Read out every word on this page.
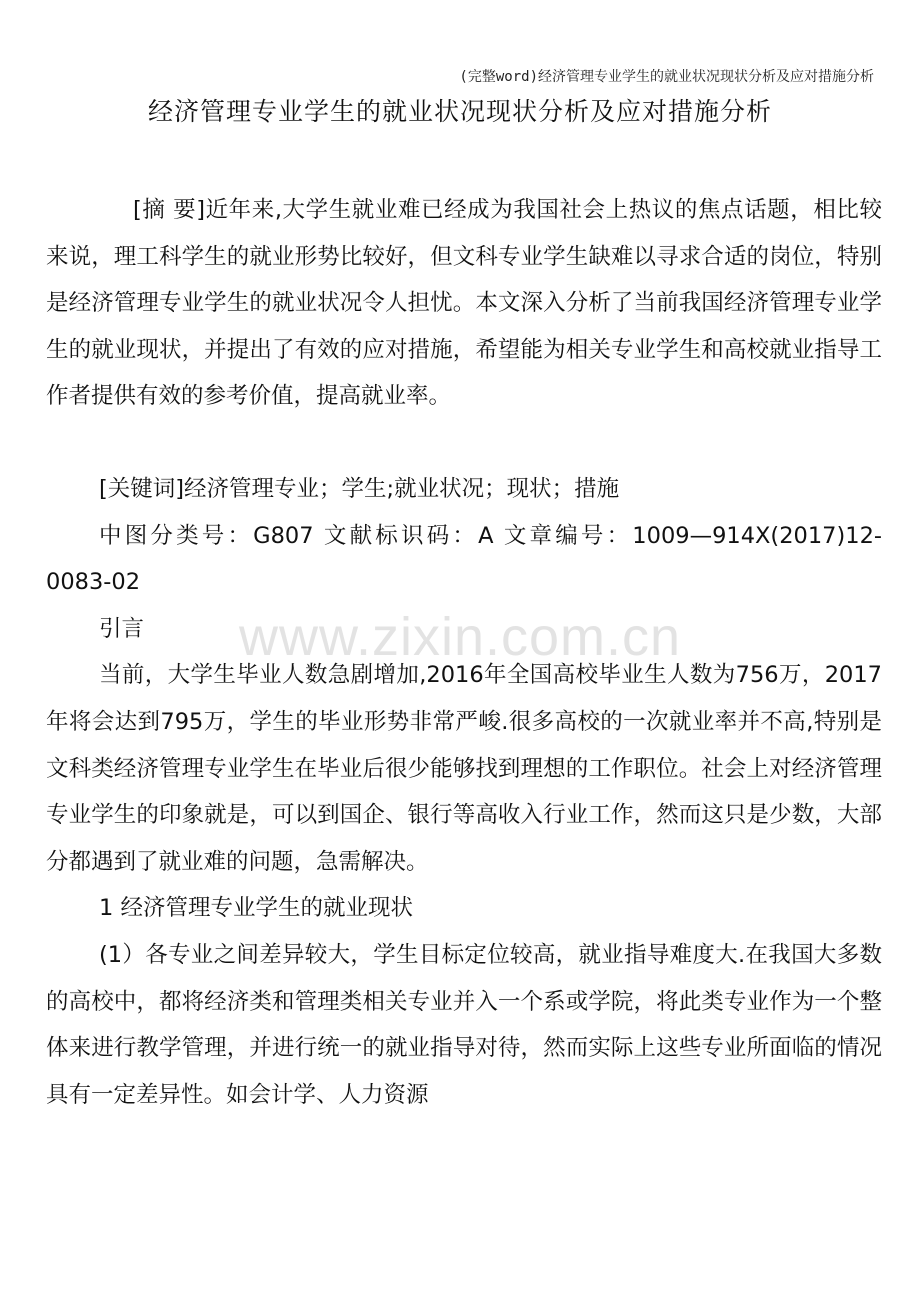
(完整word)经济管理专业学生的就业状况现状分析及应对措施分析
经济管理专业学生的就业状况现状分析及应对措施分析

[摘 要]近年来,大学生就业难已经成为我国社会上热议的焦点话题，相比较来说，理工科学生的就业形势比较好，但文科专业学生缺难以寻求合适的岗位，特别是经济管理专业学生的就业状况令人担忧。本文深入分析了当前我国经济管理专业学生的就业现状，并提出了有效的应对措施，希望能为相关专业学生和高校就业指导工作者提供有效的参考价值，提高就业率。

[关键词]经济管理专业；学生;就业状况；现状；措施

中图分类号：G807 文献标识码：A 文章编号：1009—914X(2017)12-0083-02

引言

当前，大学生毕业人数急剧增加,2016年全国高校毕业生人数为756万，2017年将会达到795万，学生的毕业形势非常严峻.很多高校的一次就业率并不高,特别是文科类经济管理专业学生在毕业后很少能够找到理想的工作职位。社会上对经济管理专业学生的印象就是，可以到国企、银行等高收入行业工作，然而这只是少数，大部分都遇到了就业难的问题，急需解决。

1 经济管理专业学生的就业现状

(1）各专业之间差异较大，学生目标定位较高，就业指导难度大.在我国大多数的高校中，都将经济类和管理类相关专业并入一个系或学院，将此类专业作为一个整体来进行教学管理，并进行统一的就业指导对待，然而实际上这些专业所面临的情况具有一定差异性。如会计学、人力资源

www.zixin.com.cn
